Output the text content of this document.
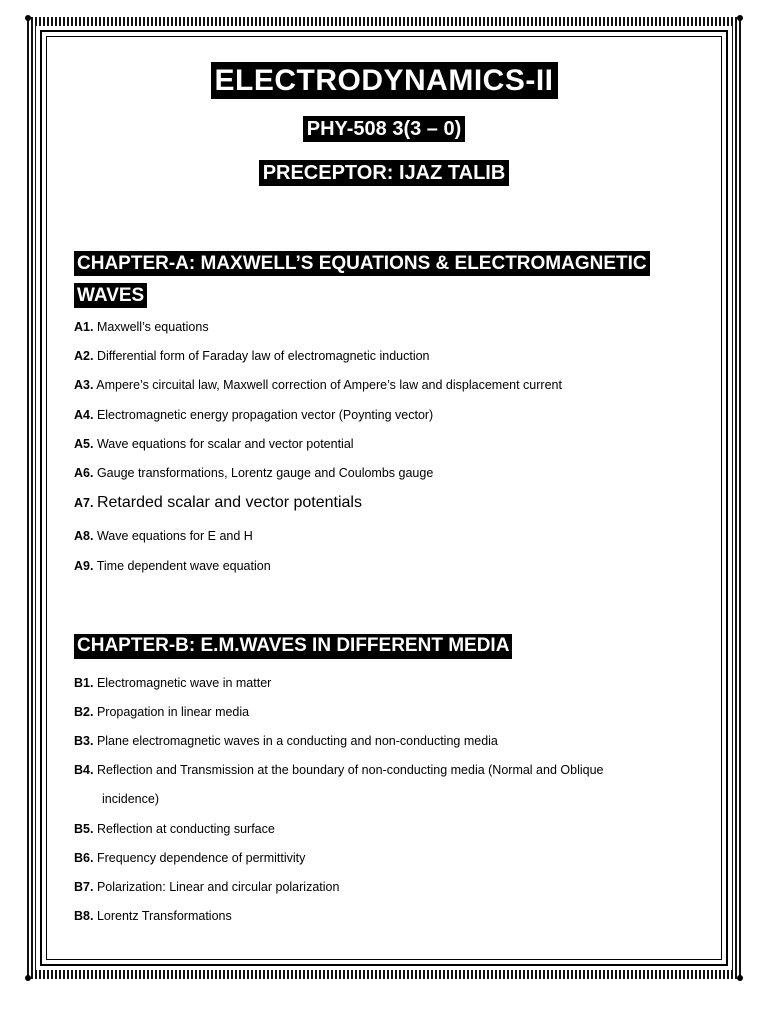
ELECTRODYNAMICS-II
PHY-508 3(3 – 0)
PRECEPTOR: IJAZ TALIB
CHAPTER-A: MAXWELL’S EQUATIONS & ELECTROMAGNETIC WAVES
A1. Maxwell’s equations
A2. Differential form of Faraday law of electromagnetic induction
A3. Ampere’s circuital law, Maxwell correction of Ampere’s law and displacement current
A4. Electromagnetic energy propagation vector (Poynting vector)
A5. Wave equations for scalar and vector potential
A6. Gauge transformations, Lorentz gauge and Coulombs gauge
A7. Retarded scalar and vector potentials
A8. Wave equations for E and H
A9. Time dependent wave equation
CHAPTER-B: E.M.WAVES IN DIFFERENT MEDIA
B1. Electromagnetic wave in matter
B2. Propagation in linear media
B3. Plane electromagnetic waves in a conducting and non-conducting media
B4. Reflection and Transmission at the boundary of non-conducting media (Normal and Oblique
incidence)
B5. Reflection at conducting surface
B6. Frequency dependence of permittivity
B7. Polarization: Linear and circular polarization
B8. Lorentz Transformations
